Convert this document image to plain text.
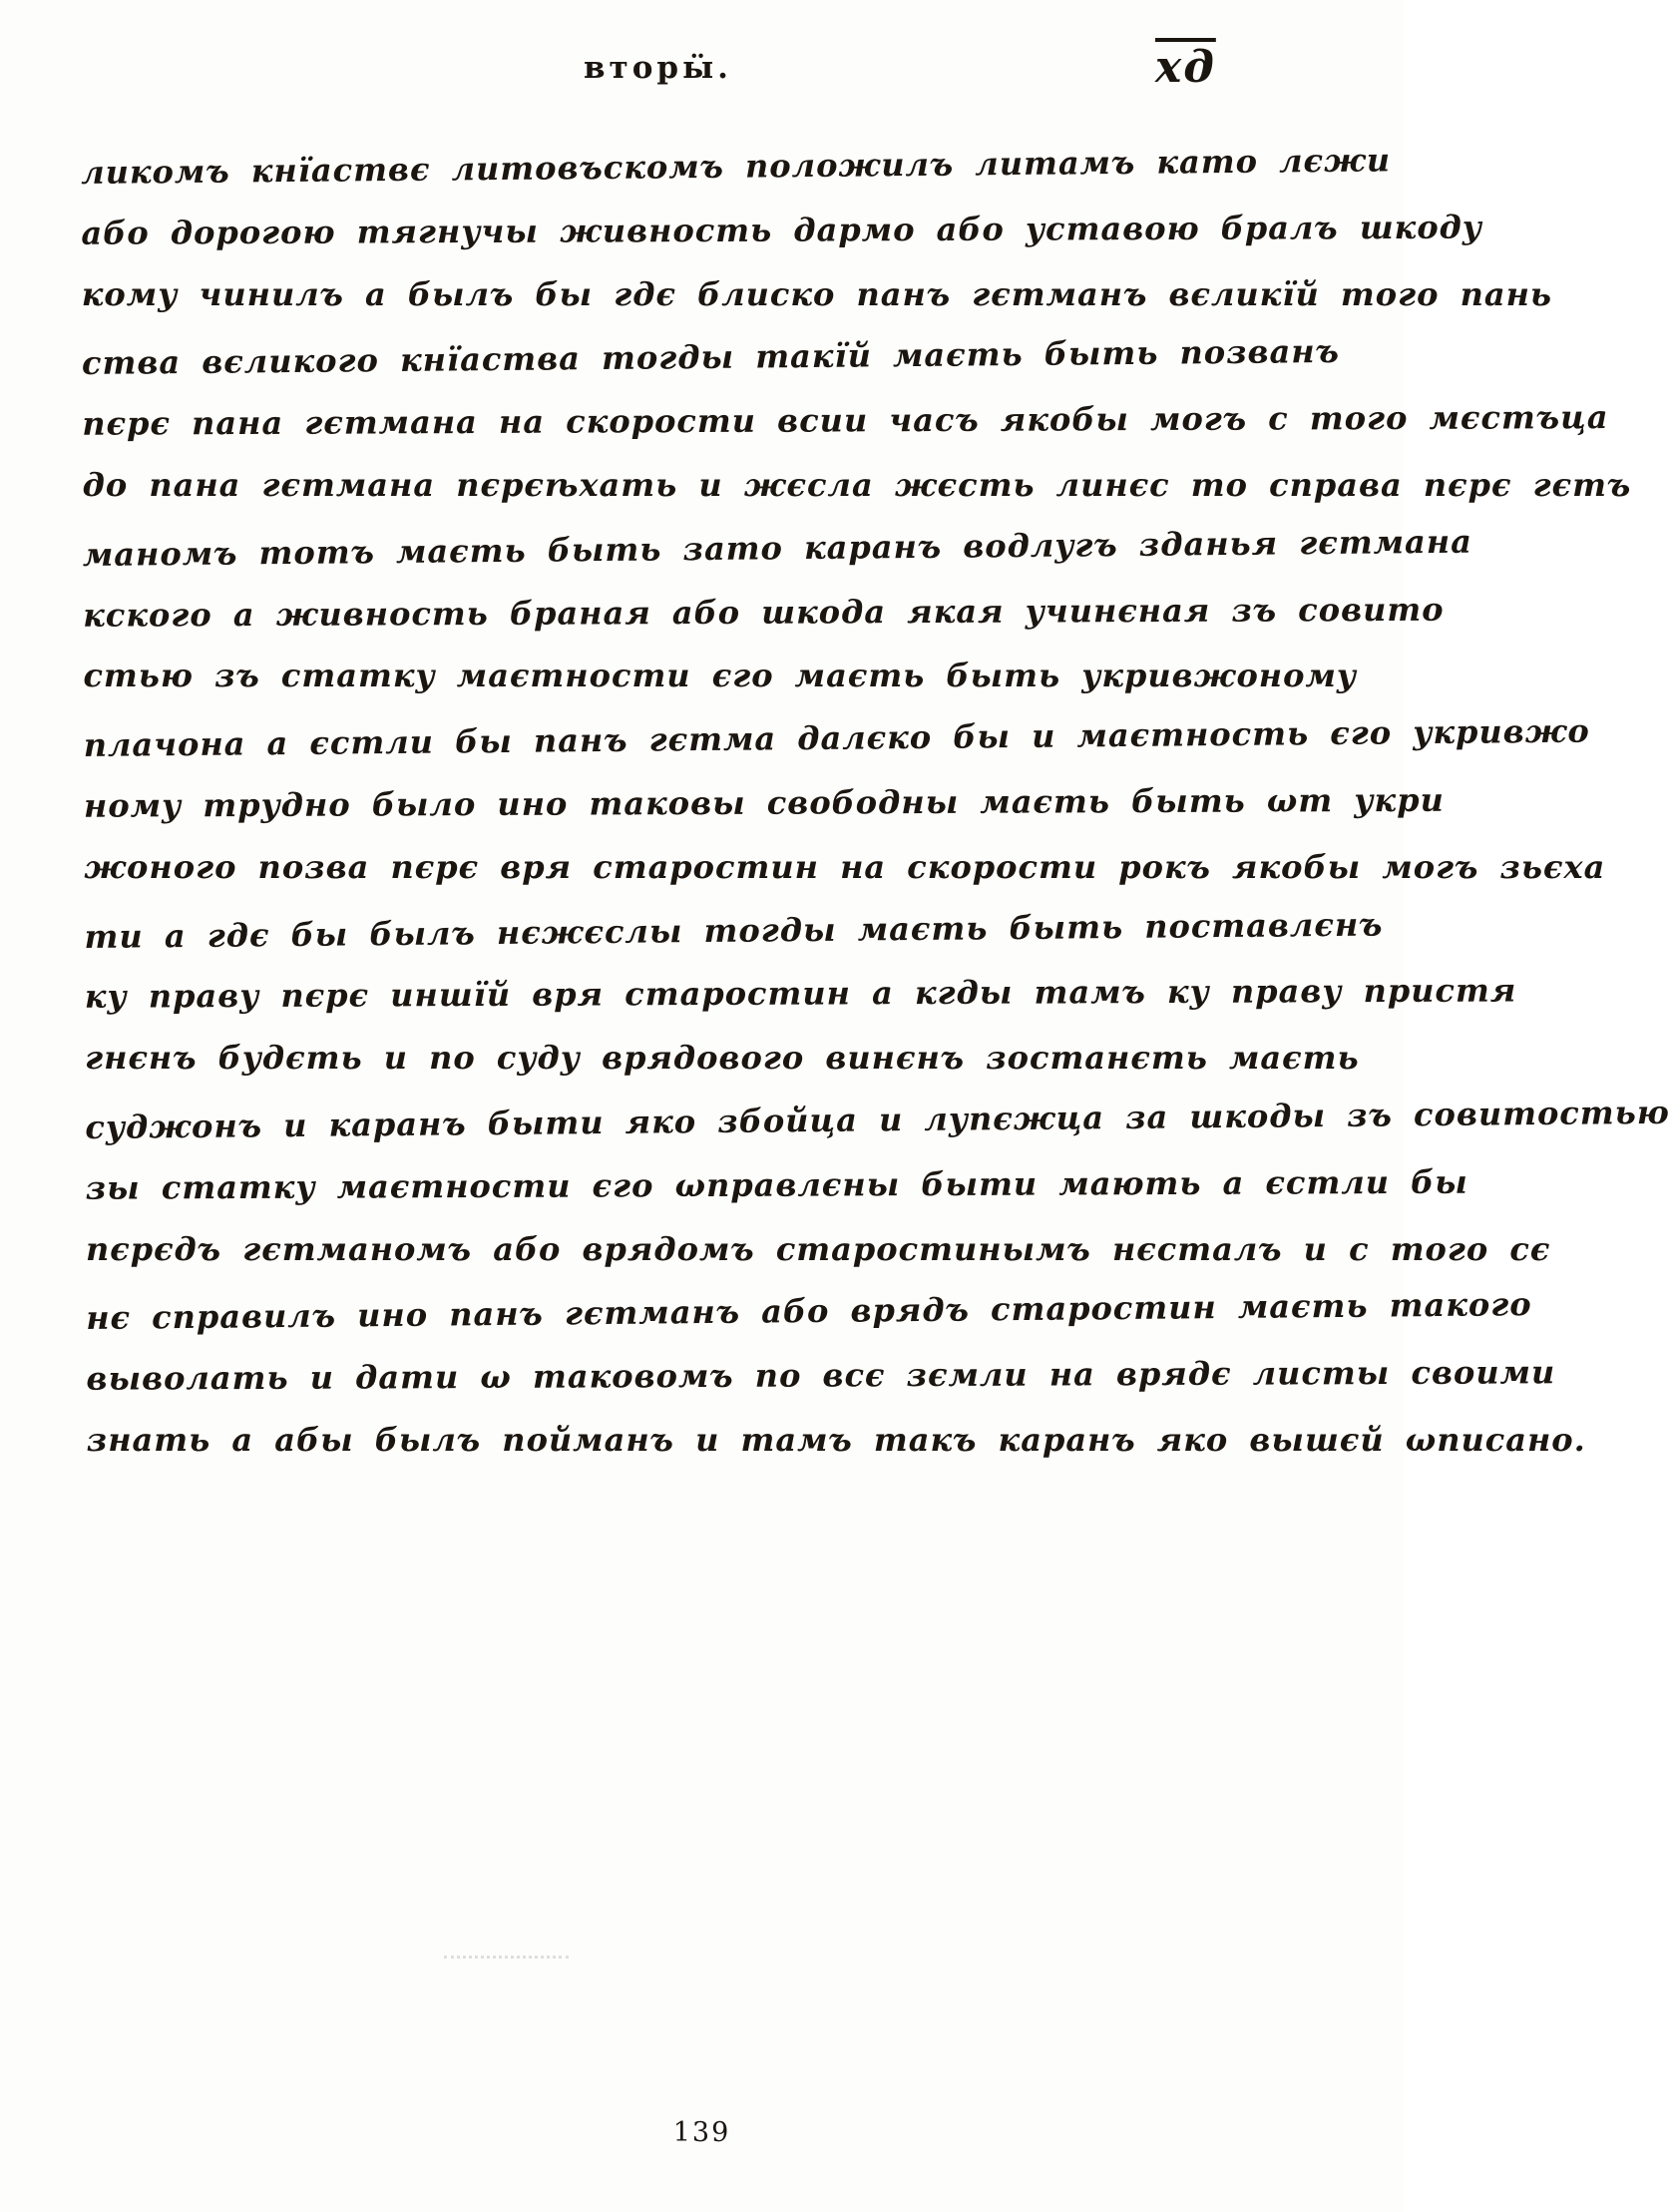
вторӹ.	хд
ликомъ кнїаствє литовъскомъ положилъ литамъ като лєжи
або дорогою тягнучы живность дармо або уставою бралъ шкоду
кому чинилъ а былъ бы гдє блиско панъ гєтманъ вєликїй того пань
ства вєликого кнїаства тогды такїй маєть быть позванъ
пєрє пана гєтмана на скорости всии часъ якобы могъ с того мєстъца
до пана гєтмана пєрєѣхать и жєсла жєсть линєс то справа пєрє гєтъ
маномъ тотъ маєть быть зато каранъ водлугъ зданья гєтмана
кского а живность браная або шкода якая учинєная зъ совито
стью зъ статку маєтности єго маєть быть укривжоному
плачона а єстли бы панъ гєтма далєко бы и маєтность єго укривжо
ному трудно было ино таковы свободны маєть быть ωт укри
жоного позва пєрє вря старостин на скорости рокъ якобы могъ зьєха
ти а гдє бы былъ нєжєслы тогды маєть быть поставлєнъ
ку праву пєрє иншїй вря старостин а кгды тамъ ку праву пристя
гнєнъ будєть и по суду врядового винєнъ зостанєть маєть
суджонъ и каранъ быти яко збойца и лупєжца за шкоды зъ совитостью
зы статку маєтности єго ωправлєны быти мають а єстли бы
пєрєдъ гєтманомъ або врядомъ старостинымъ нєсталъ и с того сє
нє справилъ ино панъ гєтманъ або врядъ старостин маєть такого
выволать и дати ω таковомъ по всє зємли на врядє листы своими
знать а абы былъ пойманъ и тамъ такъ каранъ яко вышєй ωписано.
139
